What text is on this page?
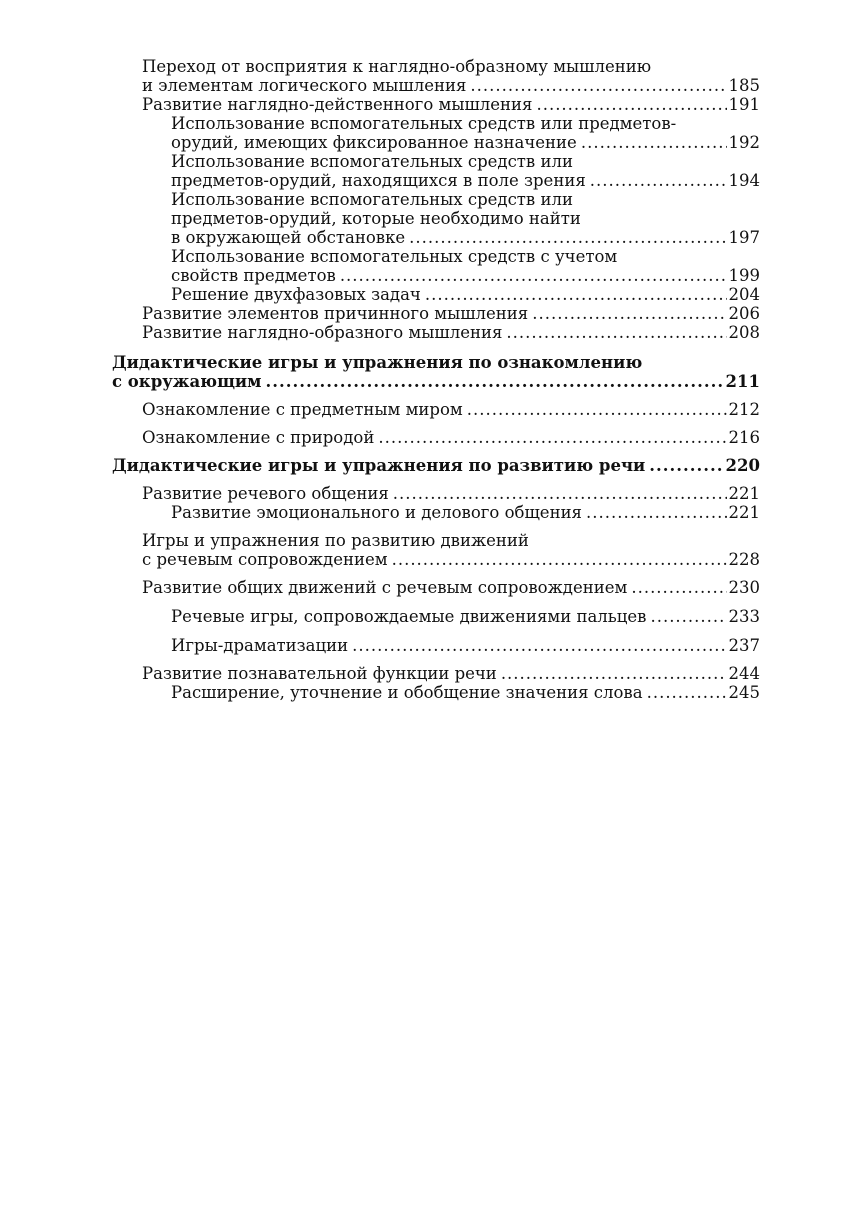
Переход от восприятия к наглядно-образному мышлению
и элементам логического мышления .....	185
Развитие наглядно-действенного мышления .....	191
Использование вспомогательных средств или предметов-
орудий, имеющих фиксированное назначение .....	192
Использование вспомогательных средств или
предметов-орудий, находящихся в поле зрения .....	194
Использование вспомогательных средств или
предметов-орудий, которые необходимо найти
в окружающей обстановке .....	197
Использование вспомогательных средств с учетом
свойств предметов .....	199
Решение двухфазовых задач .....	204
Развитие элементов причинного мышления .....	206
Развитие наглядно-образного мышления .....	208
Дидактические игры и упражнения по ознакомлению
с окружающим .....	211
Ознакомление с предметным миром .....	212
Ознакомление с природой .....	216
Дидактические игры и упражнения по развитию речи .....	220
Развитие речевого общения .....	221
Развитие эмоционального и делового общения .....	221
Игры и упражнения по развитию движений
с речевым сопровождением .....	228
Развитие общих движений с речевым сопровождением .....	230
Речевые игры, сопровождаемые движениями пальцев .....	233
Игры-драматизации .....	237
Развитие познавательной функции речи .....	244
Расширение, уточнение и обобщение значения слова .....	245
